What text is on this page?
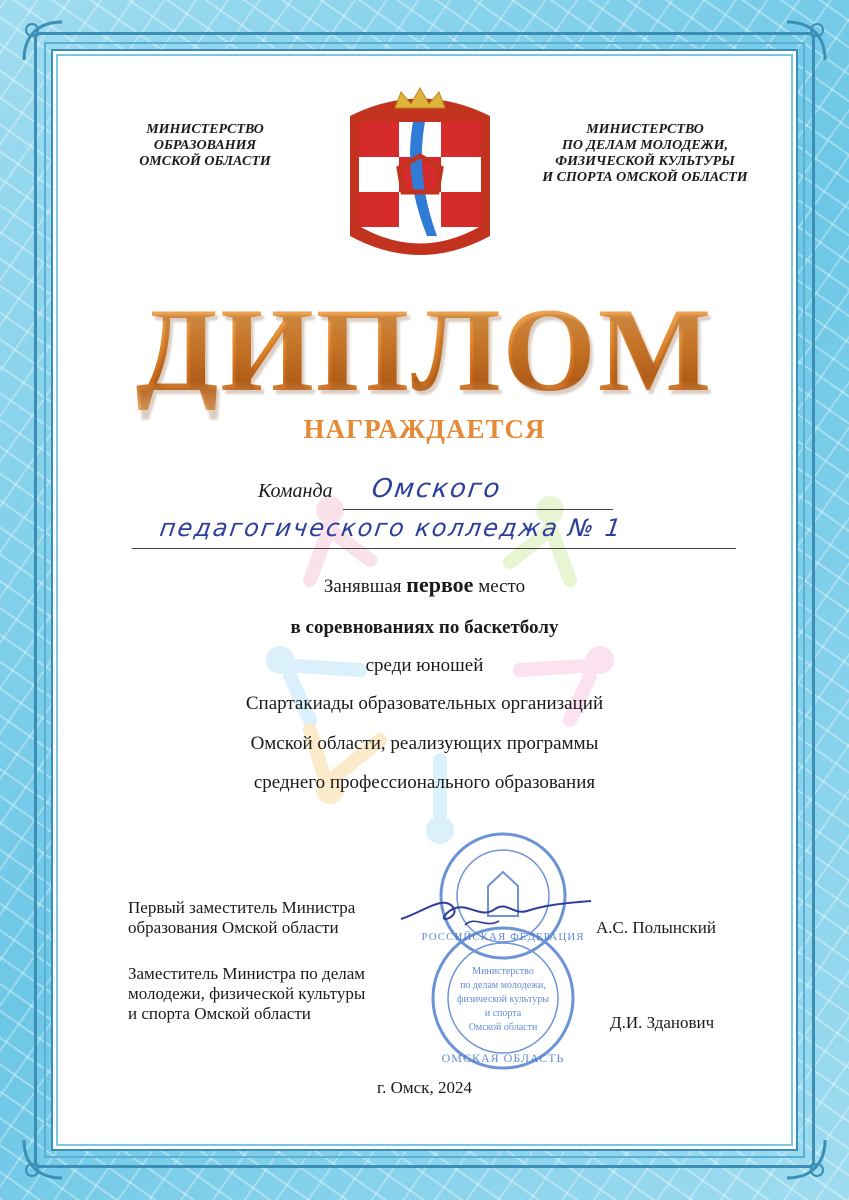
МИНИСТЕРСТВО
ОБРАЗОВАНИЯ
ОМСКОЙ ОБЛАСТИ
МИНИСТЕРСТВО
ПО ДЕЛАМ МОЛОДЕЖИ,
ФИЗИЧЕСКОЙ КУЛЬТУРЫ
И СПОРТА ОМСКОЙ ОБЛАСТИ
ДИПЛОМ
НАГРАЖДАЕТСЯ
Команда Омского
педагогического колледжа № 1
Занявшая первое место
в соревнованиях по баскетболу
среди юношей
Спартакиады образовательных организаций
Омской области, реализующих программы
среднего профессионального образования
Первый заместитель Министра
образования Омской области	А.С. Полынский
Заместитель Министра по делам
молодежи, физической культуры
и спорта Омской области	Д.И. Зданович
Министерство
по делам молодежи,
физической культуры
и спорта
Омской области
РОССИЙСКАЯ ФЕДЕРАЦИЯ
ОМСКАЯ ОБЛАСТЬ
г. Омск, 2024
